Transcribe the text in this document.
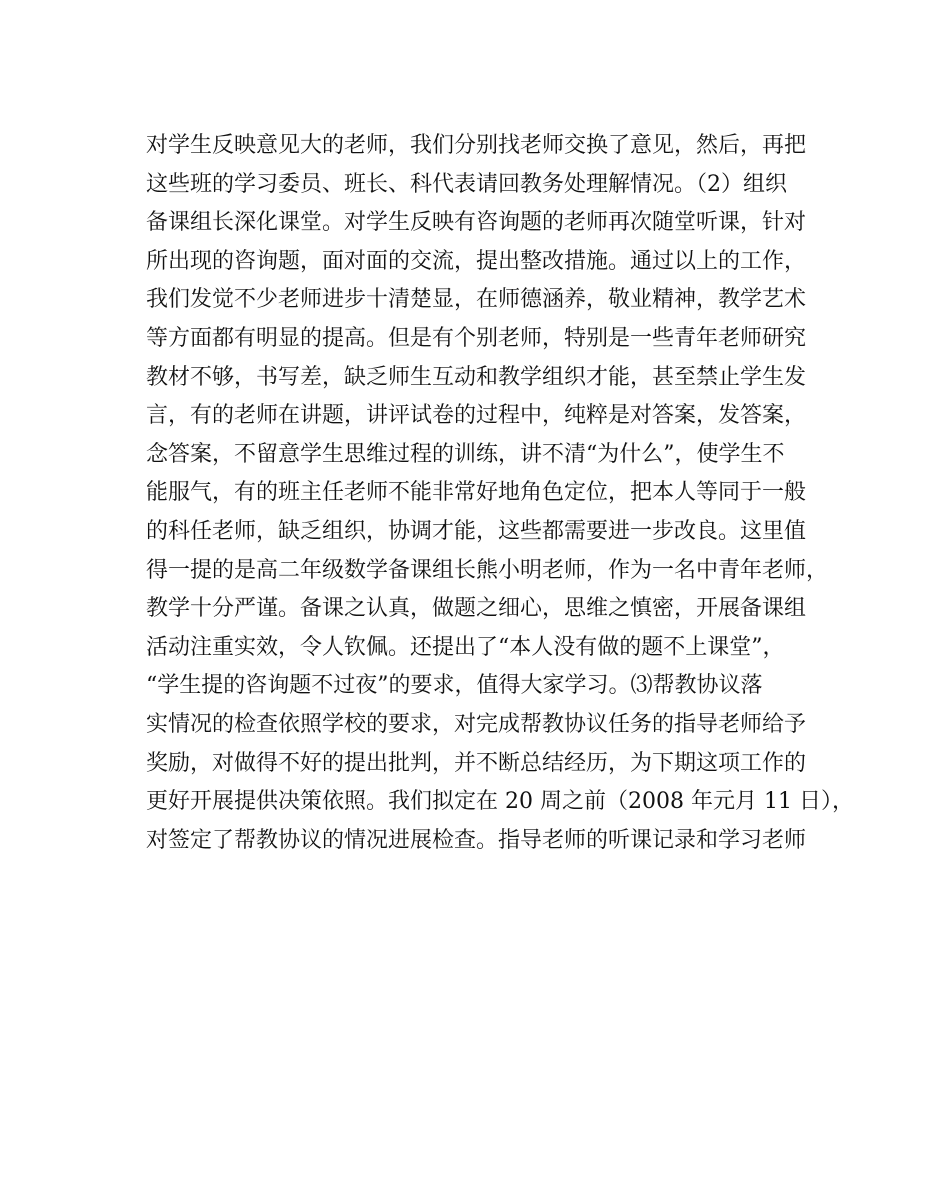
对学生反映意见大的老师，我们分别找老师交换了意见，然后，再把
这些班的学习委员、班长、科代表请回教务处理解情况。（2）组织
备课组长深化课堂。对学生反映有咨询题的老师再次随堂听课，针对
所出现的咨询题，面对面的交流，提出整改措施。通过以上的工作，
我们发觉不少老师进步十清楚显，在师德涵养，敬业精神，教学艺术
等方面都有明显的提高。但是有个别老师，特别是一些青年老师研究
教材不够，书写差，缺乏师生互动和教学组织才能，甚至禁止学生发
言，有的老师在讲题，讲评试卷的过程中，纯粹是对答案，发答案，
念答案，不留意学生思维过程的训练，讲不清“为什么”，使学生不
能服气，有的班主任老师不能非常好地角色定位，把本人等同于一般
的科任老师，缺乏组织，协调才能，这些都需要进一步改良。这里值
得一提的是高二年级数学备课组长熊小明老师，作为一名中青年老师，
教学十分严谨。备课之认真，做题之细心，思维之慎密，开展备课组
活动注重实效，令人钦佩。还提出了“本人没有做的题不上课堂”，
“学生提的咨询题不过夜”的要求，值得大家学习。⑶帮教协议落
实情况的检查依照学校的要求，对完成帮教协议任务的指导老师给予
奖励，对做得不好的提出批判，并不断总结经历，为下期这项工作的
更好开展提供决策依照。我们拟定在 20 周之前（2008 年元月 11 日），
对签定了帮教协议的情况进展检查。指导老师的听课记录和学习老师
